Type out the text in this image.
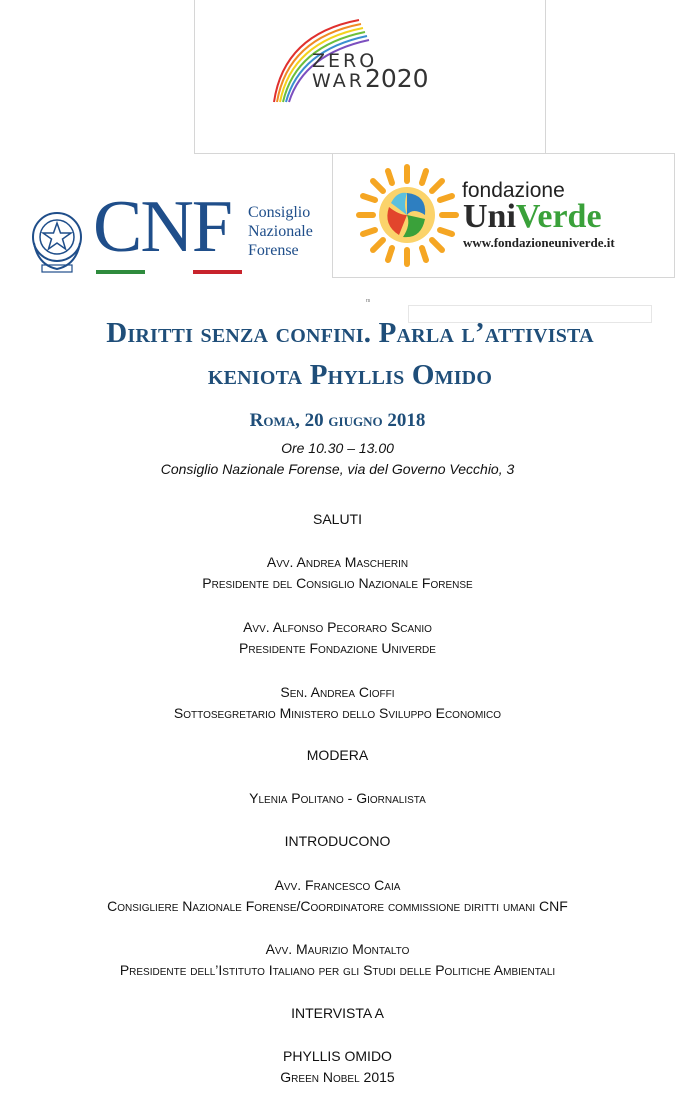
rs
ZERO
WAR2020
CNF Consiglio
Nazionale
Forense
fondazione
UniVerde
www.fondazioneuniverde.it
Diritti senza confini. Parla l’attivista
keniota Phyllis Omido
Roma, 20 giugno 2018
Ore 10.30 – 13.00
Consiglio Nazionale Forense, via del Governo Vecchio, 3
SALUTI
Avv. Andrea Mascherin
Presidente del Consiglio Nazionale Forense
Avv. Alfonso Pecoraro Scanio
Presidente Fondazione Univerde
Sen. Andrea Cioffi
Sottosegretario Ministero dello Sviluppo Economico
MODERA
Ylenia Politano - Giornalista
INTRODUCONO
Avv. Francesco Caia
Consigliere Nazionale Forense/Coordinatore commissione diritti umani CNF
Avv. Maurizio Montalto
Presidente dell’Istituto Italiano per gli Studi delle Politiche Ambientali
INTERVISTA A
PHYLLIS OMIDO
Green Nobel 2015
